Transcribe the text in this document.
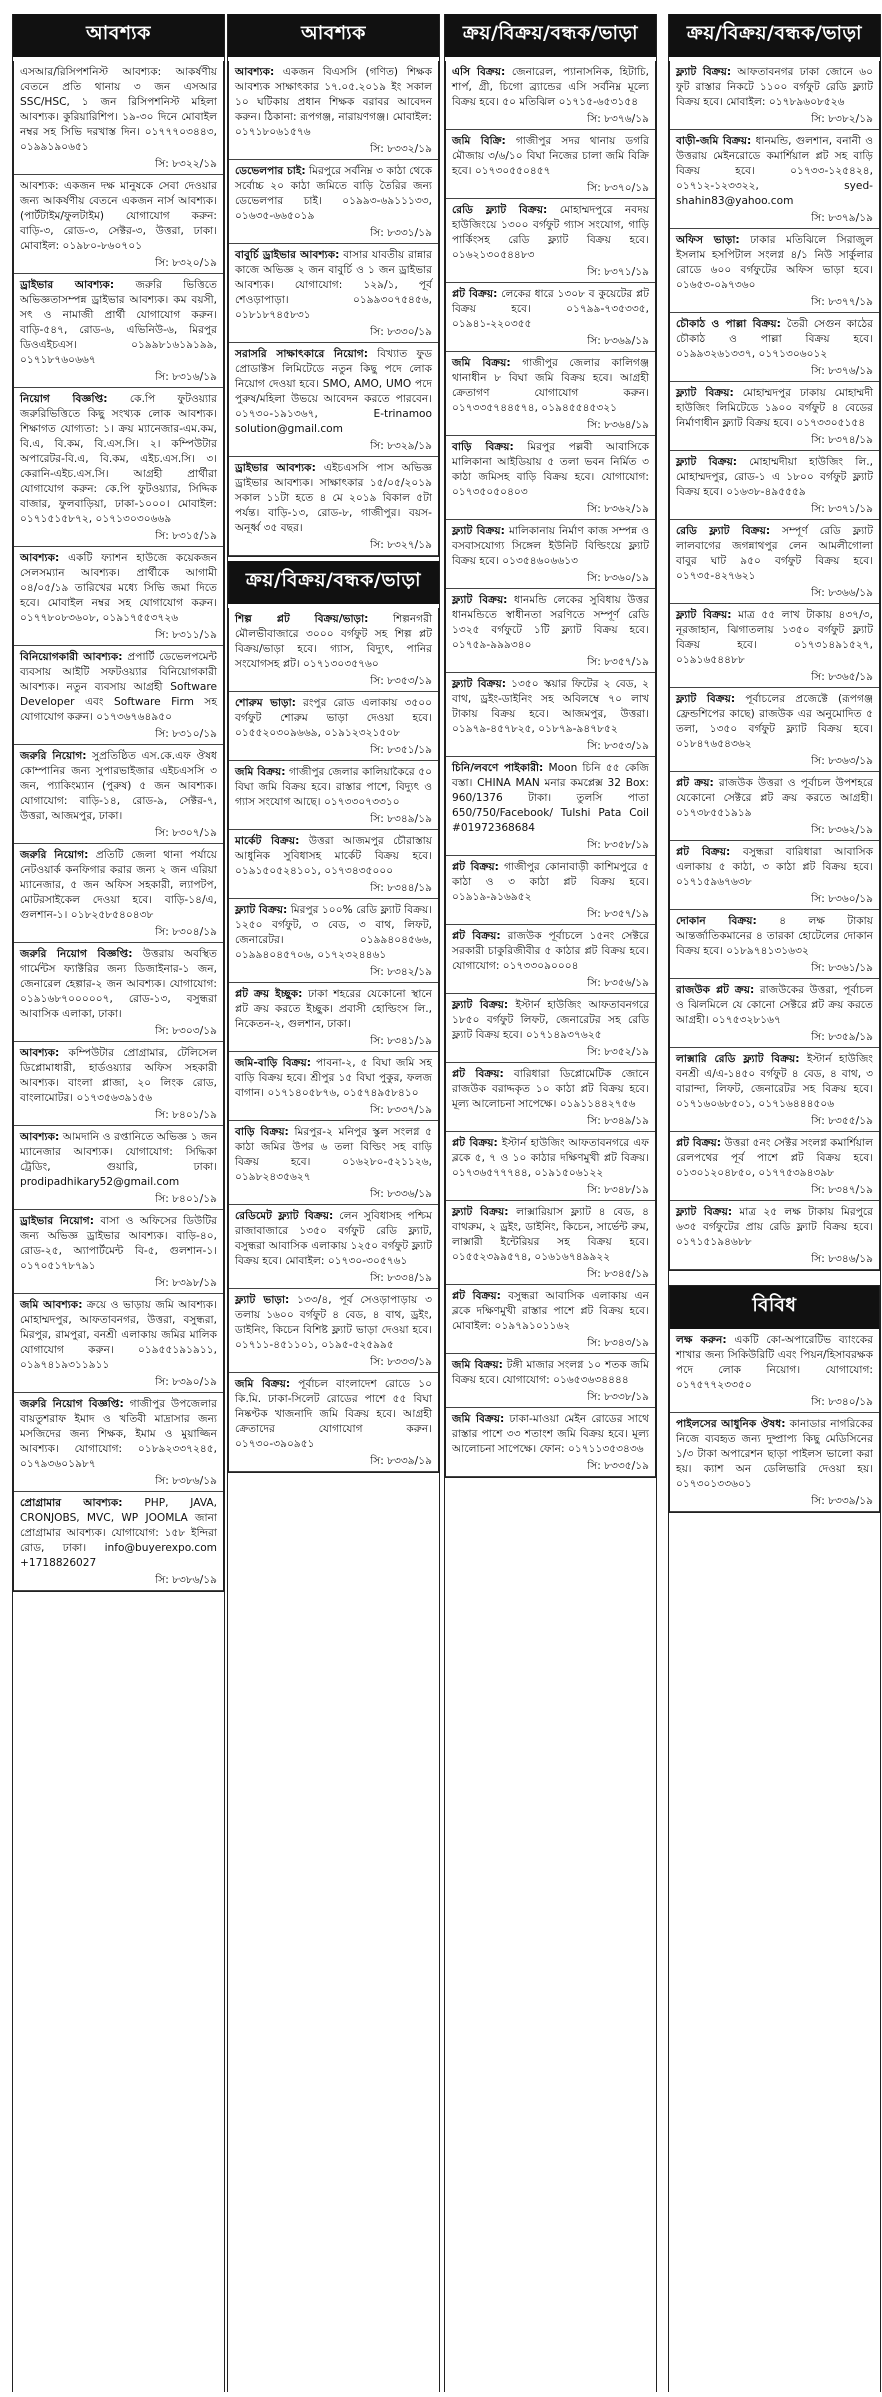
আবশ্যক
এসআর/রিসিপশনিস্ট আবশ্যক: আকর্ষণীয় বেতনে প্রতি থানায় ৩ জন এসআর SSC/HSC, ১ জন রিসিপশনিস্ট মহিলা আবশ্যক। কুরিয়ারিশিপ। ১৯-৩০ দিনে মোবাইল নম্বর সহ সিভি দরখাস্ত দিন। ০১৭৭৭০৩৪৪৩, ০১৯৯১৯০৬৫১
সি: ৮৩২২/১৯
আবশ্যক: একজন দক্ষ মানুষকে সেবা দেওয়ার জন্য আকর্ষণীয় বেতনে একজন নার্স আবশ্যক। (পার্টটাইম/ফুলটাইম) যোগাযোগ করুন: বাড়ি-৩, রোড-৩, সেক্টর-৩, উত্তরা, ঢাকা। মোবাইল: ০১৯৮০-৮৬০৭০১
সি: ৮৩২০/১৯
ড্রাইভার আবশ্যক: জরুরি ভিত্তিতে অভিজ্ঞতাসম্পন্ন ড্রাইভার আবশ্যক। কম বয়সী, সৎ ও নামাজী প্রার্থী যোগাযোগ করুন। বাড়ি-৫৪৭, রোড-৬, এভিনিউ-৬, মিরপুর ডিওএইচএস। ০১৯৯৮১৬১৯১৯৯, ০১৭১৮৭৬০৬৬৭
সি: ৮৩১৬/১৯
নিয়োগ বিজ্ঞপ্তি: কে.পি ফুটওয়্যার জরুরিভিত্তিতে কিছু সংখ্যক লোক আবশ্যক। শিক্ষাগত যোগ্যতা: ১। ক্রয় ম্যানেজার-এম.কম, বি.এ, বি.কম, বি.এস.সি। ২। কম্পিউটার অপারেটর-বি.এ, বি.কম, এইচ.এস.সি। ৩। কেরানি-এইচ.এস.সি। আগ্রহী প্রার্থীরা যোগাযোগ করুন: কে.পি ফুটওয়্যার, সিদ্দিক বাজার, ফুলবাড়িয়া, ঢাকা-১০০০। মোবাইল: ০১৭১৫১৫৮৭২, ০১৭১৩০৩০৬৬৯
সি: ৮৩১৫/১৯
আবশ্যক: একটি ফ্যাশন হাউজে কয়েকজন সেলসম্যান আবশ্যক। প্রার্থীকে আগামী ০৪/০৫/১৯ তারিখের মধ্যে সিভি জমা দিতে হবে। মোবাইল নম্বর সহ যোগাযোগ করুন। ০১৭৭৮০৮৩৬০৮, ০১৯১৭৫৫৩৭২৬
সি: ৮৩১১/১৯
বিনিয়োগকারী আবশ্যক: প্রপার্টি ডেভেলপমেন্ট ব্যবসায় আইটি সফটওয়্যার বিনিয়োগকারী আবশ্যক। নতুন ব্যবসায় আগ্রহী Software Developer এবং Software Firm সহ যোগাযোগ করুন। ০১৭৩৬৭৬৪৯৫০
সি: ৮৩১০/১৯
জরুরি নিয়োগ: সুপ্রতিষ্ঠিত এস.কে.এফ ঔষধ কোম্পানির জন্য সুপারভাইজার এইচএসসি ৩ জন, প্যাকিংম্যান (পুরুষ) ৫ জন আবশ্যক। যোগাযোগ: বাড়ি-১৪, রোড-৯, সেক্টর-৭, উত্তরা, আজমপুর, ঢাকা।
সি: ৮৩০৭/১৯
জরুরি নিয়োগ: প্রতিটি জেলা থানা পর্যায়ে নেটওয়ার্ক কনফিগার করার জন্য ২ জন এরিয়া ম্যানেজার, ৫ জন অফিস সহকারী, ল্যাপটপ, মোটরসাইকেল দেওয়া হবে। বাড়ি-১৪/এ, গুলশান-১। ০১৮২৫৮৫৪০৪৩৮
সি: ৮৩০৪/১৯
জরুরি নিয়োগ বিজ্ঞপ্তি: উত্তরায় অবস্থিত গার্মেন্টস ফ্যাক্টরির জন্য ডিজাইনার-১ জন, জেনারেল হেল্পার-২ জন আবশ্যক। যোগাযোগ: ০১৯১৬৮৭০০০০০৭, রোড-১৩, বসুন্ধরা আবাসিক এলাকা, ঢাকা।
সি: ৮৩০৩/১৯
আবশ্যক: কম্পিউটার প্রোগ্রামার, টেলিসেল ডিপ্লোমাধারী, হার্ডওয়্যার অফিস সহকারী আবশ্যক। বাংলা প্লাজা, ২০ লিংক রোড, বাংলামোটর। ০১৭৩৫৬৩৯১৫৬
সি: ৮৪০১/১৯
আবশ্যক: আমদানি ও রপ্তানিতে অভিজ্ঞ ১ জন ম্যানেজার আবশ্যক। যোগাযোগ: সিদ্ধিকা ট্রেডিং, গুয়ারি, ঢাকা। prodipadhikary52@gmail.com
সি: ৮৪০১/১৯
ড্রাইভার নিয়োগ: বাসা ও অফিসের ডিউটির জন্য অভিজ্ঞ ড্রাইভার আবশ্যক। বাড়ি-৪০, রোড-২৫, অ্যাপার্টমেন্ট বি-৫, গুলশান-১। ০১৭০৫১৭৮৭৯১
সি: ৮৩৯৮/১৯
জমি আবশ্যক: ক্রয়ে ও ভাড়ায় জমি আবশ্যক। মোহাম্মদপুর, আফতাবনগর, উত্তরা, বসুন্ধরা, মিরপুর, রামপুরা, বনশ্রী এলাকায় জমির মালিক যোগাযোগ করুন। ০১৯৫৫১৯১৯১১, ০১৯৭৪১৯৩১১৯১১
সি: ৮৩৯০/১৯
জরুরি নিয়োগ বিজ্ঞপ্তি: গাজীপুর উপজেলার বায়তুশরাফ ইমাদ ও খতিবী মাদ্রাসার জন্য মসজিদের জন্য শিক্ষক, ইমাম ও মুয়াজ্জিন আবশ্যক। যোগাযোগ: ০১৮৯২৩৩৭২৪৫, ০১৭৯৩৬০১৯৮৭
সি: ৮৩৮৬/১৯
প্রোগ্রামার আবশ্যক: PHP, JAVA, CRONJOBS, MVC, WP JOOMLA জানা প্রোগ্রামার আবশ্যক। যোগাযোগ: ১৫৮ ইন্দিরা রোড, ঢাকা। info@buyerexpo.com +1718826027
সি: ৮৩৮৬/১৯
আবশ্যক
আবশ্যক: একজন বিএসসি (গণিত) শিক্ষক আবশ্যক সাক্ষাৎকার ১৭.০৫.২০১৯ ইং সকাল ১০ ঘটিকায় প্রধান শিক্ষক বরাবর আবেদন করুন। ঠিকানা: রূপগঞ্জ, নারায়ণগঞ্জ। মোবাইল: ০১৭১৮০৬১৫৭৬
সি: ৮৩৩২/১৯
ডেভেলপার চাই: মিরপুরে সর্বনিম্ন ৩ কাঠা থেকে সর্বোচ্চ ২০ কাঠা জমিতে বাড়ি তৈরির জন্য ডেভেলপার চাই। ০১৯৯৩-৬৯১১১৩৩, ০১৬৩৫-৬৬৫০১৯
সি: ৮৩৩১/১৯
বাবুর্চি ড্রাইভার আবশ্যক: বাসার যাবতীয় রান্নার কাজে অভিজ্ঞ ২ জন বাবুর্চি ও ১ জন ড্রাইভার আবশ্যক। যোগাযোগ: ১২৯/১, পূর্ব শেওড়াপাড়া। ০১৯৯৩০৭৫৪৫৬, ০১৮১৮৭৪৫৮৩১
সি: ৮৩৩০/১৯
সরাসরি সাক্ষাৎকারে নিয়োগ: বিখ্যাত ফুড প্রোডাক্টস লিমিটেডে নতুন কিছু পদে লোক নিয়োগ দেওয়া হবে। SMO, AMO, UMO পদে পুরুষ/মহিলা উভয়ে আবেদন করতে পারবেন। ০১৭৩০-১৯১৩৬৭, E-trinamoo solution@gmail.com
সি: ৮৩২৯/১৯
ড্রাইভার আবশ্যক: এইচএসসি পাস অভিজ্ঞ ড্রাইভার আবশ্যক। সাক্ষাৎকার ১৫/০৫/২০১৯ সকাল ১১টা হতে ৪ মে ২০১৯ বিকাল ৫টা পর্যন্ত। বাড়ি-১৩, রোড-৮, গাজীপুর। বয়স-অনূর্ধ্ব ৩৫ বছর।
সি: ৮৩২৭/১৯
ক্রয়/বিক্রয়/বন্ধক/ভাড়া
শিল্প প্লট বিক্রয়/ভাড়া: শিল্পনগরী মৌলভীবাজারে ৩০০০ বর্গফুট সহ শিল্প প্লট বিক্রয়/ভাড়া হবে। গ্যাস, বিদ্যুৎ, পানির সংযোগসহ প্লট। ০১৭১৩০৩৫৭৬০
সি: ৮৩৫৩/১৯
শোরুম ভাড়া: রংপুর রোড এলাকায় ৩৫০০ বর্গফুট শোরুম ভাড়া দেওয়া হবে। ০১৫৫২০৩০৯৬৬৯, ০১৯১২৩২১৫০৮
সি: ৮৩৫১/১৯
জমি বিক্রয়: গাজীপুর জেলার কালিয়াকৈরে ৫০ বিঘা জমি বিক্রয় হবে। রাস্তার পাশে, বিদ্যুৎ ও গ্যাস সংযোগ আছে। ০১৭৩৩০৭৩৩১০
সি: ৮৩৪৯/১৯
মার্কেট বিক্রয়: উত্তরা আজমপুর চৌরাস্তায় আধুনিক সুবিধাসহ মার্কেট বিক্রয় হবে। ০১৯১৫০৫২৪১০১, ০১৭৩৪৩৫০০০
সি: ৮৩৪৪/১৯
ফ্ল্যাট বিক্রয়: মিরপুর ১০০% রেডি ফ্ল্যাট বিক্রয়। ১২৫০ বর্গফুট, ৩ বেড, ৩ বাথ, লিফট, জেনারেটর। ০১৯৯৪০৪৫৬৬, ০১৯৯৪০৪৫৭০৬, ০১৭২৩২৪৪৬১
সি: ৮৩৪২/১৯
প্লট ক্রয় ইচ্ছুক: ঢাকা শহরের যেকোনো স্থানে প্লট ক্রয় করতে ইচ্ছুক। প্রবাসী হোল্ডিংস লি., নিকেতন-২, গুলশান, ঢাকা।
সি: ৮৩৪১/১৯
জমি-বাড়ি বিক্রয়: পাবনা-২, ৫ বিঘা জমি সহ বাড়ি বিক্রয় হবে। শ্রীপুর ১৫ বিঘা পুকুর, ফলজ বাগান। ০১৭১৪০৫৮৭৬, ০১৫৭৪৯৫৮৪১০
সি: ৮৩৩৭/১৯
বাড়ি বিক্রয়: মিরপুর-২ মনিপুর স্কুল সংলগ্ন ৫ কাঠা জমির উপর ৬ তলা বিল্ডিং সহ বাড়ি বিক্রয় হবে। ০১৬২৮০-৫২১১২৬, ০১৯৮২৪৩৫৬২৭
সি: ৮৩৩৬/১৯
রেডিমেট ফ্ল্যাট বিক্রয়: লেন সুবিধাসহ পশ্চিম রাজাবাজারে ১৩৫০ বর্গফুট রেডি ফ্ল্যাট, বসুন্ধরা আবাসিক এলাকায় ১২৫০ বর্গফুট ফ্ল্যাট বিক্রয় হবে। মোবাইল: ০১৭৩০-৩০৫৭৬১
সি: ৮৩৩৪/১৯
ফ্ল্যাট ভাড়া: ১৩৩/৪, পূর্ব সেওড়াপাড়ায় ৩ তলায় ১৬০০ বর্গফুট ৪ বেড, ৪ বাথ, ড্রইং, ডাইনিং, কিচেন বিশিষ্ট ফ্ল্যাট ভাড়া দেওয়া হবে। ০১৭১১-৪৫১১০১, ০১৯৫-৫২৫৯৯৫
সি: ৮৩৩৩/১৯
জমি বিক্রয়: পূর্বাচল বাংলাদেশ রোডে ১০ কি.মি. ঢাকা-সিলেট রোডের পাশে ৫৫ বিঘা নিষ্কণ্টক খাজনাদি জমি বিক্রয় হবে। আগ্রহী ক্রেতাদের যোগাযোগ করুন। ০১৭৩০-৩৯০৯৫১
সি: ৮৩৩৯/১৯
ক্রয়/বিক্রয়/বন্ধক/ভাড়া
এসি বিক্রয়: জেনারেল, প্যানাসনিক, হিটাচি, শার্প, গ্রী, চিগো ব্র্যান্ডের এসি সর্বনিম্ন মূল্যে বিক্রয় হবে। ৫০ মতিঝিল ০১৭১৫-৬৫৩১৫৪
সি: ৮৩৭৬/১৯
জমি বিক্রি: গাজীপুর সদর থানায় ডগরি মৌজায় ৩/৬/১০ বিঘা নিজের চালা জমি বিক্রি হবে। ০১৭৩০৫৫০৪৫৭
সি: ৮৩৭০/১৯
রেডি ফ্ল্যাট বিক্রয়: মোহাম্মদপুরে নবদয় হাউজিংয়ে ১৩০০ বর্গফুট গ্যাস সংযোগ, গাড়ি পার্কিংসহ রেডি ফ্ল্যাট বিক্রয় হবে। ০১৬২১৩০৫৪৪৮৩
সি: ৮৩৭১/১৯
প্লট বিক্রয়: লেকের ধারে ১৩০৮ ব কুয়েটের প্লট বিক্রয় হবে। ০১৭৯৯-৭৩৫৩৩৫, ০১৯৪১-২২০৩৫৫
সি: ৮৩৬৯/১৯
জমি বিক্রয়: গাজীপুর জেলার কালিগঞ্জ থানাধীন ৮ বিঘা জমি বিক্রয় হবে। আগ্রহী ক্রেতাগণ যোগাযোগ করুন। ০১৭৩৩৫৭৪৪৫৭৪, ০১৯৪৫৫৪৫৩২১
সি: ৮৩৬৪/১৯
বাড়ি বিক্রয়: মিরপুর পল্লবী আবাসিকে মালিকানা আইডিয়ায় ৫ তলা ভবন নির্মিত ৩ কাঠা জমিসহ বাড়ি বিক্রয় হবে। যোগাযোগ: ০১৭৩৫০৫০৪০৩
সি: ৮৩৬২/১৯
ফ্ল্যাট বিক্রয়: মালিকানায় নির্মাণ কাজ সম্পন্ন ও বসবাসযোগ্য সিঙ্গেল ইউনিট বিল্ডিংয়ে ফ্ল্যাট বিক্রয় হবে। ০১৩৫৪৬০৬৬১৩
সি: ৮৩৬০/১৯
ফ্ল্যাট বিক্রয়: ধানমন্ডি লেকের সুবিধায় উত্তর ধানমন্ডিতে স্বাধীনতা সরণিতে সম্পূর্ণ রেডি ১৩২৫ বর্গফুটে ১টি ফ্ল্যাট বিক্রয় হবে। ০১৭৫৯-৯৯৯৩৪০
সি: ৮৩৫৭/১৯
ফ্ল্যাট বিক্রয়: ১৩৫০ স্কয়ার ফিটের ২ বেড, ২ বাথ, ড্রইং-ডাইনিং সহ অবিলম্বে ৭০ লাখ টাকায় বিক্রয় হবে। আজমপুর, উত্তরা। ০১৯৭৯-৪৫৭৮২৫, ০১৮৭৯-৯৪৭৮৫২
সি: ৮৩৫৩/১৯
চিনি/লবণে পাইকারী: Moon চিনি ৫৫ কেজি বস্তা। CHINA MAN মনার কমপ্লেক্স 32 Box: 960/1376 টাকা। তুলসি পাতা 650/750/Facebook/ Tulshi Pata Coil #01972368684
সি: ৮৩৫৮/১৯
প্লট বিক্রয়: গাজীপুর কোনাবাড়ী কাশিমপুরে ৫ কাঠা ও ৩ কাঠা প্লট বিক্রয় হবে। ০১৯১৯-৯১৬৯৫২
সি: ৮৩৫৭/১৯
প্লট বিক্রয়: রাজউক পূর্বাচলে ১৫নং সেক্টরে সরকারী চাকুরিজীবীর ৫ কাঠার প্লট বিক্রয় হবে। যোগাযোগ: ০১৭৩৩০৯০০০৪
সি: ৮৩৫৬/১৯
ফ্ল্যাট বিক্রয়: ইস্টার্ন হাউজিং আফতাবনগরে ১৮৫০ বর্গফুট লিফট, জেনারেটর সহ রেডি ফ্ল্যাট বিক্রয় হবে। ০১৭১৪৯৩৭৬২৫
সি: ৮৩৫২/১৯
প্লট বিক্রয়: বারিধারা ডিপ্লোমেটিক জোনে রাজউক বরাদ্দকৃত ১০ কাঠা প্লট বিক্রয় হবে। মূল্য আলোচনা সাপেক্ষে। ০১৯১১৪৪২৭৫৬
সি: ৮৩৪৯/১৯
প্লট বিক্রয়: ইস্টার্ন হাউজিং আফতাবনগরে এফ ব্লকে ৫, ৭ ও ১০ কাঠার দক্ষিণমুখী প্লট বিক্রয়। ০১৭৩৬৫৭৭৭৪৪, ০১৯১৫০৬১২২
সি: ৮৩৪৮/১৯
ফ্ল্যাট বিক্রয়: লাক্সারিয়াস ফ্ল্যাট ৪ বেড, ৪ বাথরুম, ২ ড্রইং, ডাইনিং, কিচেন, সার্ভেন্ট রুম, লাক্সারী ইন্টেরিয়র সহ বিক্রয় হবে। ০১৫৫২৩৯৯৫৭৪, ০১৬১৬৭৪৯৯২২
সি: ৮৩৪৫/১৯
প্লট বিক্রয়: বসুন্ধরা আবাসিক এলাকায় এন ব্লকে দক্ষিণমুখী রাস্তার পাশে প্লট বিক্রয় হবে। মোবাইল: ০১৯৭৯১০১১৬২
সি: ৮৩৪৩/১৯
জমি বিক্রয়: টঙ্গী মাজার সংলগ্ন ১০ শতক জমি বিক্রয় হবে। যোগাযোগ: ০১৬৫৩৬৩৪৪৪৪
সি: ৮৩৩৮/১৯
জমি বিক্রয়: ঢাকা-মাওয়া মেইন রোডের সাথে রাস্তার পাশে ৩৩ শতাংশ জমি বিক্রয় হবে। মূল্য আলোচনা সাপেক্ষে। ফোন: ০১৭১১৩৫৩৪৩৬
সি: ৮৩৩৫/১৯
ক্রয়/বিক্রয়/বন্ধক/ভাড়া
ফ্ল্যাট বিক্রয়: আফতাবনগর ঢাকা জোনে ৬০ ফুট রাস্তার নিকটে ১১০০ বর্গফুট রেডি ফ্ল্যাট বিক্রয় হবে। মোবাইল: ০১৭৮৯৬০৮৫২৬
সি: ৮৩৮২/১৯
বাড়ী-জমি বিক্রয়: ধানমন্ডি, গুলশান, বনানী ও উত্তরায় মেইনরোডে কমার্শিয়াল প্লট সহ বাড়ি বিক্রয় হবে। ০১৭৩৩-১২৫৪২৪, ০১৭১২-১২৩৩২২, syed-shahin83@yahoo.com
সি: ৮৩৭৯/১৯
অফিস ভাড়া: ঢাকার মতিঝিলে সিরাজুল ইসলাম হসপিটাল সংলগ্ন ৪/১ নিউ সার্কুলার রোডে ৬০০ বর্গফুটের অফিস ভাড়া হবে। ০১৬৫৩-০৯৭৩৬০
সি: ৮৩৭৭/১৯
চৌকাঠ ও পাল্লা বিক্রয়: তৈরী সেগুন কাঠের চৌকাঠ ও পাল্লা বিক্রয় হবে। ০১৯৯৩২৬১৩৩৭, ০১৭১৩০৬০১২
সি: ৮৩৭৬/১৯
ফ্ল্যাট বিক্রয়: মোহাম্মদপুর ঢাকায় মোহাম্মদী হাউজিং লিমিটেডে ১৯০০ বর্গফুট ৪ বেডের নির্মাণাধীন ফ্ল্যাট বিক্রয় হবে। ০১৭৩৩০৫১৫৪
সি: ৮৩৭৪/১৯
ফ্ল্যাট বিক্রয়: মোহাম্মদীয়া হাউজিং লি., মোহাম্মদপুর, রোড-১ এ ১৮০০ বর্গফুট ফ্ল্যাট বিক্রয় হবে। ০১৬৩৮-৪৯৫৫৫৯
সি: ৮৩৭১/১৯
রেডি ফ্ল্যাট বিক্রয়: সম্পূর্ণ রেডি ফ্ল্যাট লালবাগের জগন্নাথপুর লেন আমলীগোলা বাবুর ঘাট ৯৫০ বর্গফুট বিক্রয় হবে। ০১৭৩৫-৪২৭৬২১
সি: ৮৩৬৬/১৯
ফ্ল্যাট বিক্রয়: মাত্র ৫৫ লাখ টাকায় ৪৩৭/৩, নূরজাহান, ঝিগাতলায় ১৩৫০ বর্গফুট ফ্ল্যাট বিক্রয় হবে। ০১৭৩১৪৯১৫২৭, ০১৯১৬৫৪৪৮৮
সি: ৮৩৬৫/১৯
ফ্ল্যাট বিক্রয়: পূর্বাচলের প্রজেক্টে (রূপগঞ্জ ফ্রেন্ডশিপের কাছে) রাজউক এর অনুমোদিত ৫ তলা, ১৩৫০ বর্গফুট ফ্ল্যাট বিক্রয় হবে। ০১৮৪৭৬৫৪৩৬২
সি: ৮৩৬৩/১৯
প্লট ক্রয়: রাজউক উত্তরা ও পূর্বাচল উপশহরে যেকোনো সেক্টরে প্লট ক্রয় করতে আগ্রহী। ০১৭৩৮৫৫১৯১৯
সি: ৮৩৬২/১৯
প্লট বিক্রয়: বসুন্ধরা বারিধারা আবাসিক এলাকায় ৫ কাঠা, ৩ কাঠা প্লট বিক্রয় হবে। ০১৭১৫৯৬৭৬৩৮
সি: ৮৩৬০/১৯
দোকান বিক্রয়: ৪ লক্ষ টাকায় আন্তর্জাতিকমানের ৪ তারকা হোটেলের দোকান বিক্রয় হবে। ০১৮৯৭৪১৩১৬৩২
সি: ৮৩৬১/১৯
রাজউক প্লট ক্রয়: রাজউকের উত্তরা, পূর্বাচল ও ঝিলমিলে যে কোনো সেক্টরে প্লট ক্রয় করতে আগ্রহী। ০১৭৫৩২৮১৬৭
সি: ৮৩৫৯/১৯
লাক্সারি রেডি ফ্ল্যাট বিক্রয়: ইস্টার্ন হাউজিং বনশ্রী এ/এ-১৪৫০ বর্গফুট ৪ বেড, ৪ বাথ, ৩ বারান্দা, লিফট, জেনারেটর সহ বিক্রয় হবে। ০১৭১৬০৬৮৫০১, ০১৭১৬৪৪৪৫০৬
সি: ৮৩৫৫/১৯
প্লট বিক্রয়: উত্তরা ৫নং সেক্টর সংলগ্ন কমার্শিয়াল রেলপথের পূর্ব পাশে প্লট বিক্রয় হবে। ০১৩০১২০৪৮৫০, ০১৭৭৫৩৯৪৩৯৮
সি: ৮৩৪৭/১৯
ফ্ল্যাট বিক্রয়: মাত্র ২৫ লক্ষ টাকায় মিরপুরে ৬৩৫ বর্গফুটের প্রায় রেডি ফ্ল্যাট বিক্রয় হবে। ০১৭১৫১৯৪৬৮৮
সি: ৮৩৪৬/১৯
বিবিধ
লক্ষ করুন: একটি কো-অপারেটিভ ব্যাংকের শাখার জন্য সিকিউরিটি এবং পিয়ন/হিসাবরক্ষক পদে লোক নিয়োগ। যোগাযোগ: ০১৭৫৭৭২৩৩৫০
সি: ৮৩৪০/১৯
পাইলসের আধুনিক ঔষধ: কানাডার নাগরিকের নিজে ব্যবহৃত জন্য দুষ্প্রাপ্য কিছু মেডিসিনের ১/৩ টাকা অপারেশন ছাড়া পাইলস ভালো করা হয়। ক্যাশ অন ডেলিভারি দেওয়া হয়। ০১৭৩০১৩৩৬০১
সি: ৮৩৩৯/১৯
